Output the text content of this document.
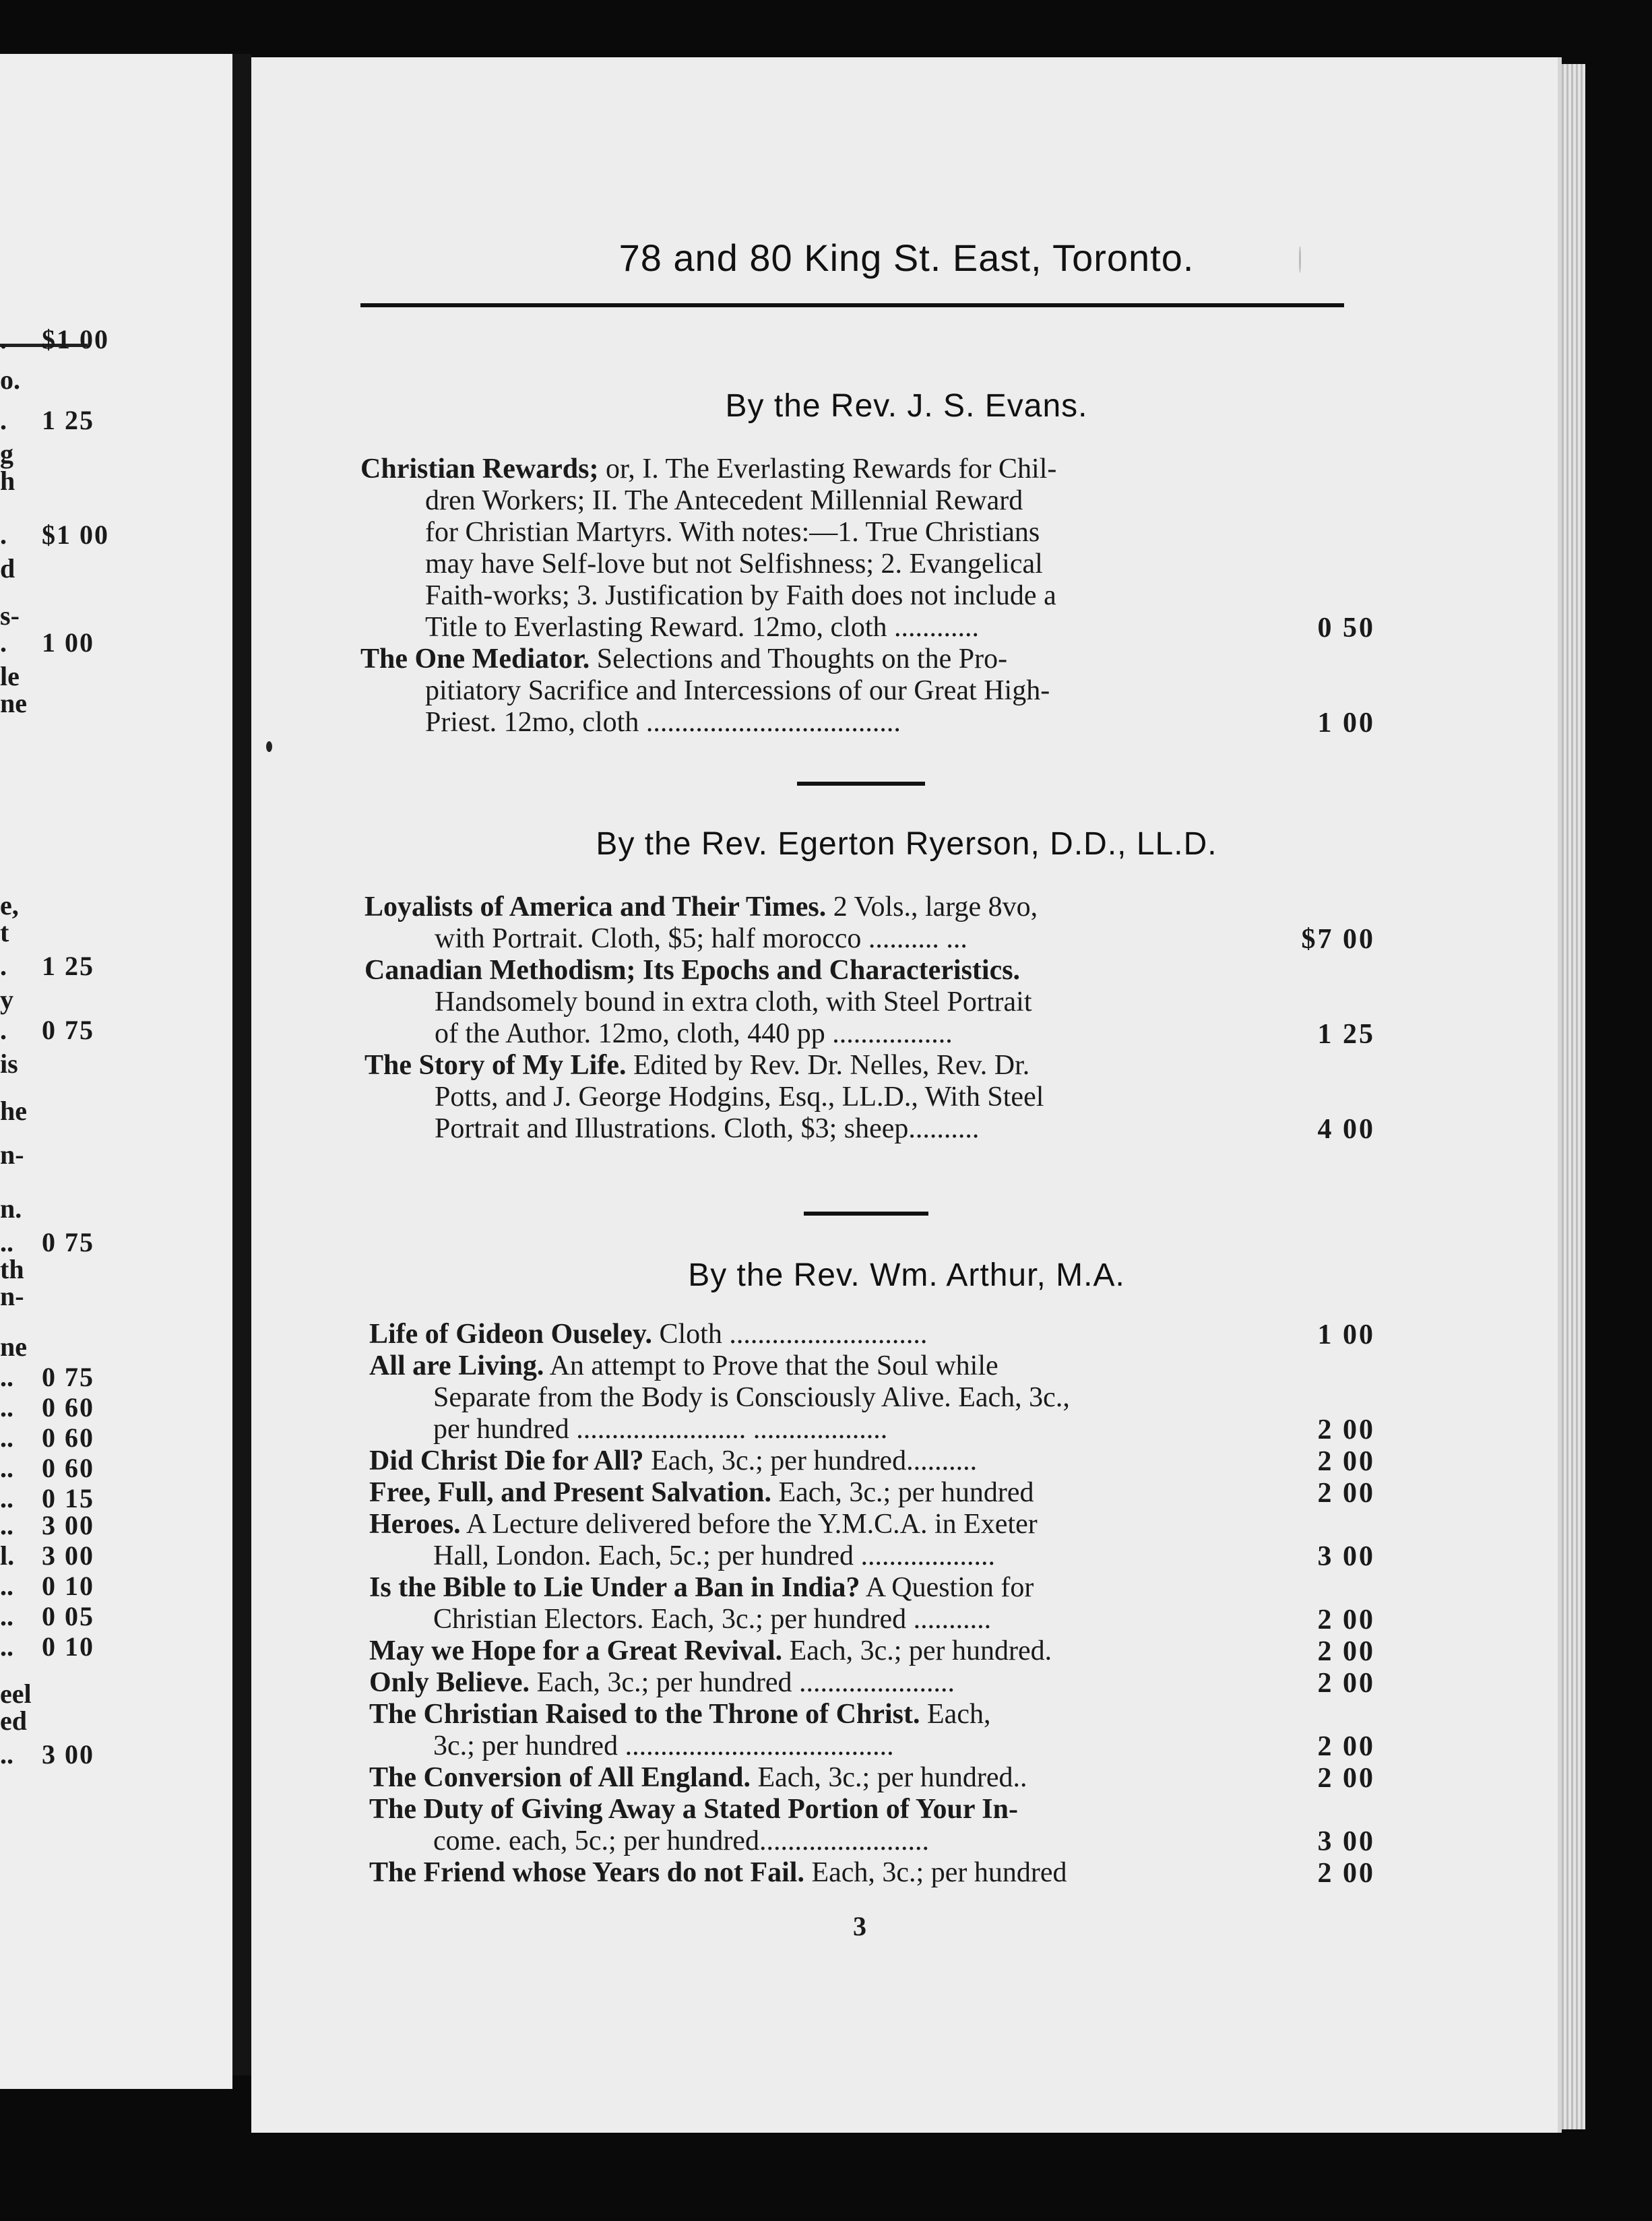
. $1 00
o.
. 1 25
g
h
. $1 00
d
s-
. 1 00
le
ne
e,
t
. 1 25
y
. 0 75
is
he
n-
n.
.. 0 75
th
n-
ne
.. 0 75
.. 0 60
.. 0 60
.. 0 60
.. 0 15
.. 3 00
l. 3 00
.. 0 10
.. 0 05
.. 0 10
eel
ed
.. 3 00
78 and 80 King St. East, Toronto.
By the Rev. J. S. Evans.
Christian Rewards; or, I. The Everlasting Rewards for Chil-
dren Workers; II. The Antecedent Millennial Reward
for Christian Martyrs. With notes:—1. True Christians
may have Self-love but not Selfishness; 2. Evangelical
Faith-works; 3. Justification by Faith does not include a
Title to Everlasting Reward. 12mo, cloth ............	0 50
The One Mediator. Selections and Thoughts on the Pro-
pitiatory Sacrifice and Intercessions of our Great High-
Priest. 12mo, cloth ....................................	1 00
By the Rev. Egerton Ryerson, D.D., LL.D.
Loyalists of America and Their Times. 2 Vols., large 8vo,
with Portrait. Cloth, $5; half morocco .......... ...	$7 00
Canadian Methodism; Its Epochs and Characteristics.
Handsomely bound in extra cloth, with Steel Portrait
of the Author. 12mo, cloth, 440 pp .................	1 25
The Story of My Life. Edited by Rev. Dr. Nelles, Rev. Dr.
Potts, and J. George Hodgins, Esq., LL.D., With Steel
Portrait and Illustrations. Cloth, $3; sheep..........	4 00
By the Rev. Wm. Arthur, M.A.
Life of Gideon Ouseley. Cloth ............................	1 00
All are Living. An attempt to Prove that the Soul while
Separate from the Body is Consciously Alive. Each, 3c.,
per hundred ........................ ...................	2 00
Did Christ Die for All? Each, 3c.; per hundred..........	2 00
Free, Full, and Present Salvation. Each, 3c.; per hundred	2 00
Heroes. A Lecture delivered before the Y.M.C.A. in Exeter
Hall, London. Each, 5c.; per hundred ...................	3 00
Is the Bible to Lie Under a Ban in India? A Question for
Christian Electors. Each, 3c.; per hundred ...........	2 00
May we Hope for a Great Revival. Each, 3c.; per hundred.	2 00
Only Believe. Each, 3c.; per hundred ......................	2 00
The Christian Raised to the Throne of Christ. Each,
3c.; per hundred ......................................	2 00
The Conversion of All England. Each, 3c.; per hundred..	2 00
The Duty of Giving Away a Stated Portion of Your In-
come. each, 5c.; per hundred........................	3 00
The Friend whose Years do not Fail. Each, 3c.; per hundred	2 00
3
